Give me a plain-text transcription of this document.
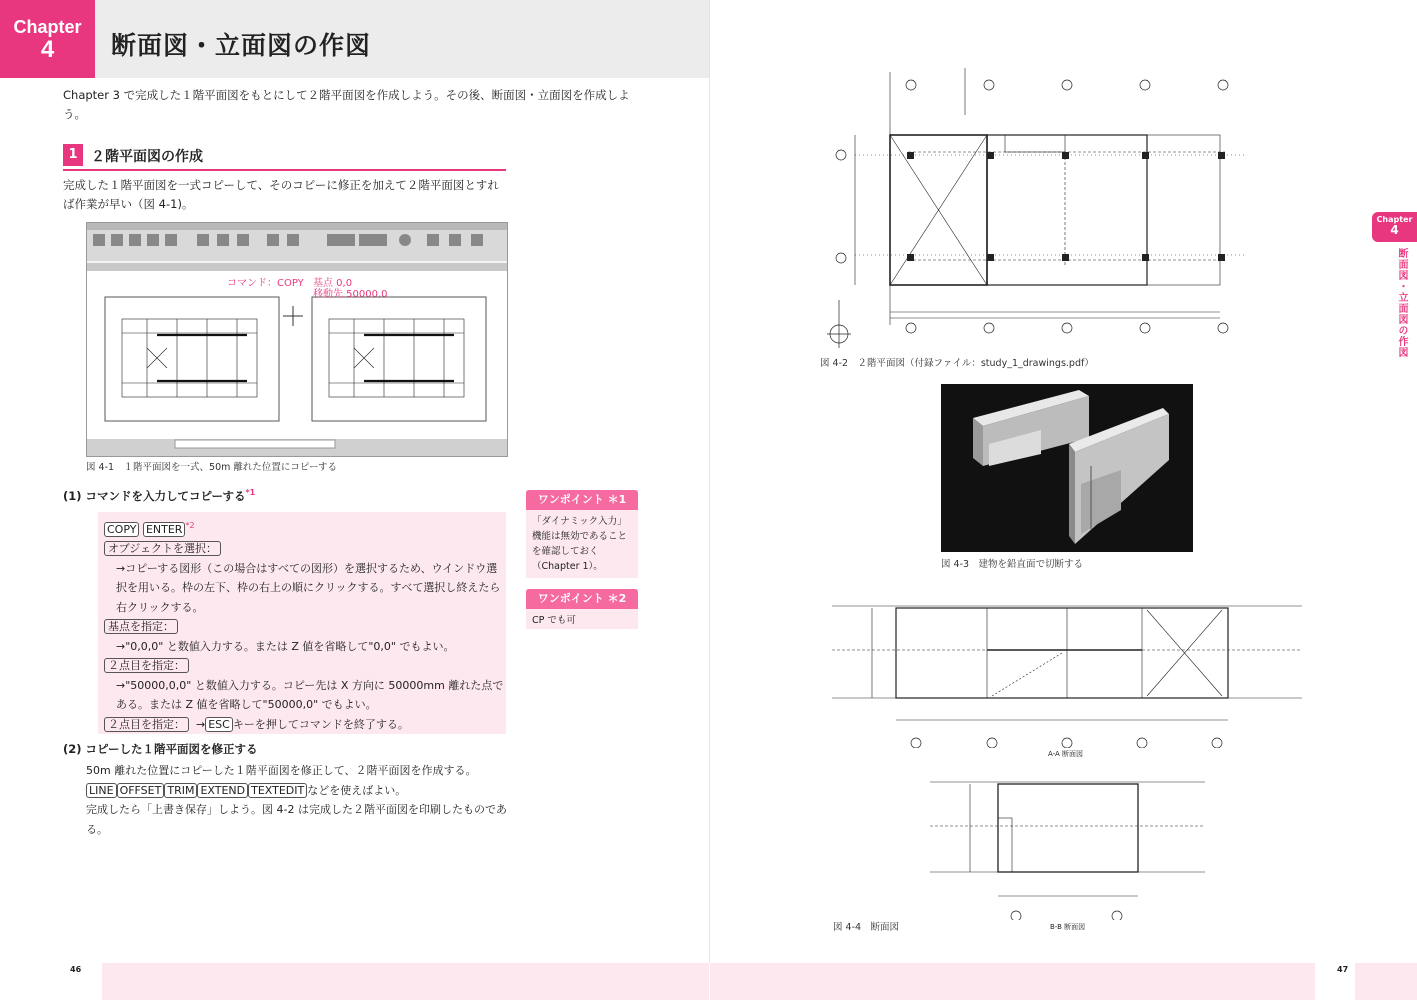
Chapter
4	断面図・立面図の作図
Chapter 3 で完成した１階平面図をもとにして２階平面図を作成しよう。その後、断面図・立面図を作成しよう。
1 ２階平面図の作成
完成した１階平面図を一式コピーして、そのコピーに修正を加えて２階平面図とすれば作業が早い（図 4-1)。
コマンド：COPY 基点 0,0
移動先 50000,0
図 4-1　１階平面図を一式、50m 離れた位置にコピーする
(1) コマンドを入力してコピーする$^{*1}$
COPY ENTER $^{*2}$
オブジェクトを選択：
→コピーする図形（この場合はすべての図形）を選択するため、ウインドウ選択を用いる。枠の左下、枠の右上の順にクリックする。すべて選択し終えたら右クリックする。
基点を指定：
→"0,0,0" と数値入力する。または Z 値を省略して"0,0" でもよい。
２点目を指定：
→"50000,0,0" と数値入力する。コピー先は X 方向に 50000mm 離れた点である。または Z 値を省略して"50000,0" でもよい。
２点目を指定： → ESC キーを押してコマンドを終了する。
(2) コピーした１階平面図を修正する
50m 離れた位置にコピーした１階平面図を修正して、２階平面図を作成する。
LINE OFFSET TRIM EXTEND TEXTEDIT などを使えばよい。
完成したら「上書き保存」しよう。図 4-2 は完成した２階平面図を印刷したものである。
ワンポイント ＊1
「ダイナミック入力」機能は無効であることを確認しておく（Chapter 1）。
ワンポイント ＊2
CP でも可
図 4-2　２階平面図（付録ファイル：study_1_drawings.pdf）
図 4-3　建物を鉛直面で切断する
A-A 断面図
B-B 断面図
図 4-4　断面図
Chapter
4
断面図・立面図の作図
46	47
